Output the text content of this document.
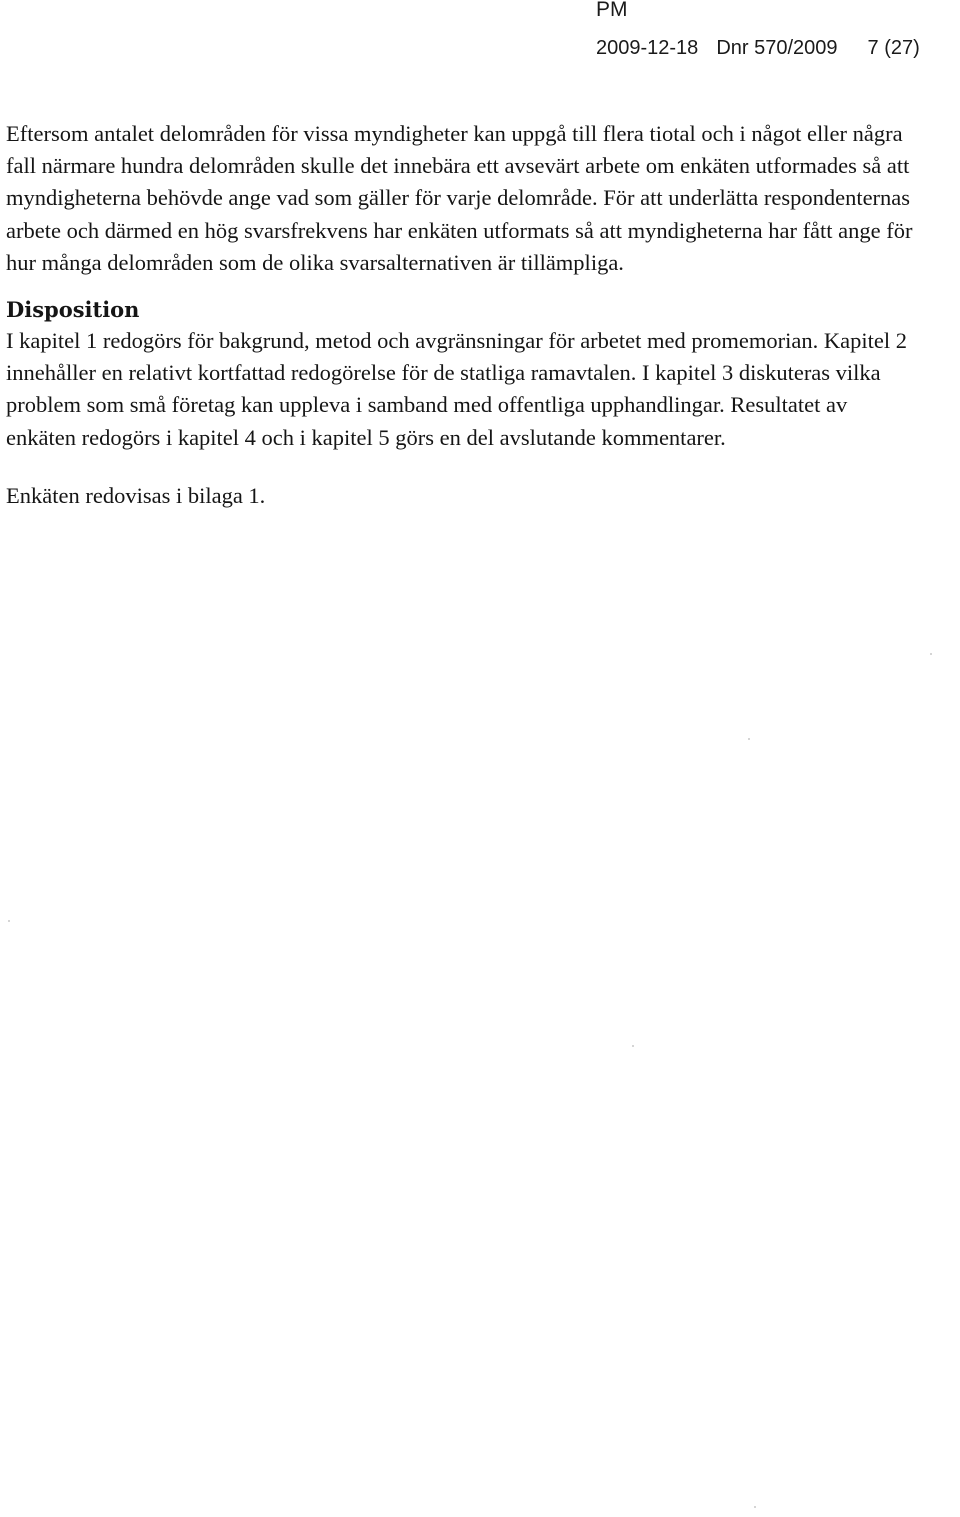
PM
2009-12-18 Dnr 570/2009 7 (27)

Eftersom antalet delområden för vissa myndigheter kan uppgå till flera tiotal och i något eller några fall närmare hundra delområden skulle det innebära ett avsevärt arbete om enkäten utformades så att myndigheterna behövde ange vad som gäller för varje delområde. För att underlätta respondenternas arbete och därmed en hög svarsfrekvens har enkäten utformats så att myndigheterna har fått ange för hur många delområden som de olika svarsalternativen är tillämpliga.

Disposition

I kapitel 1 redogörs för bakgrund, metod och avgränsningar för arbetet med promemorian. Kapitel 2 innehåller en relativt kortfattad redogörelse för de statliga ramavtalen. I kapitel 3 diskuteras vilka problem som små företag kan uppleva i samband med offentliga upphandlingar. Resultatet av enkäten redogörs i kapitel 4 och i kapitel 5 görs en del avslutande kommentarer.

Enkäten redovisas i bilaga 1.
